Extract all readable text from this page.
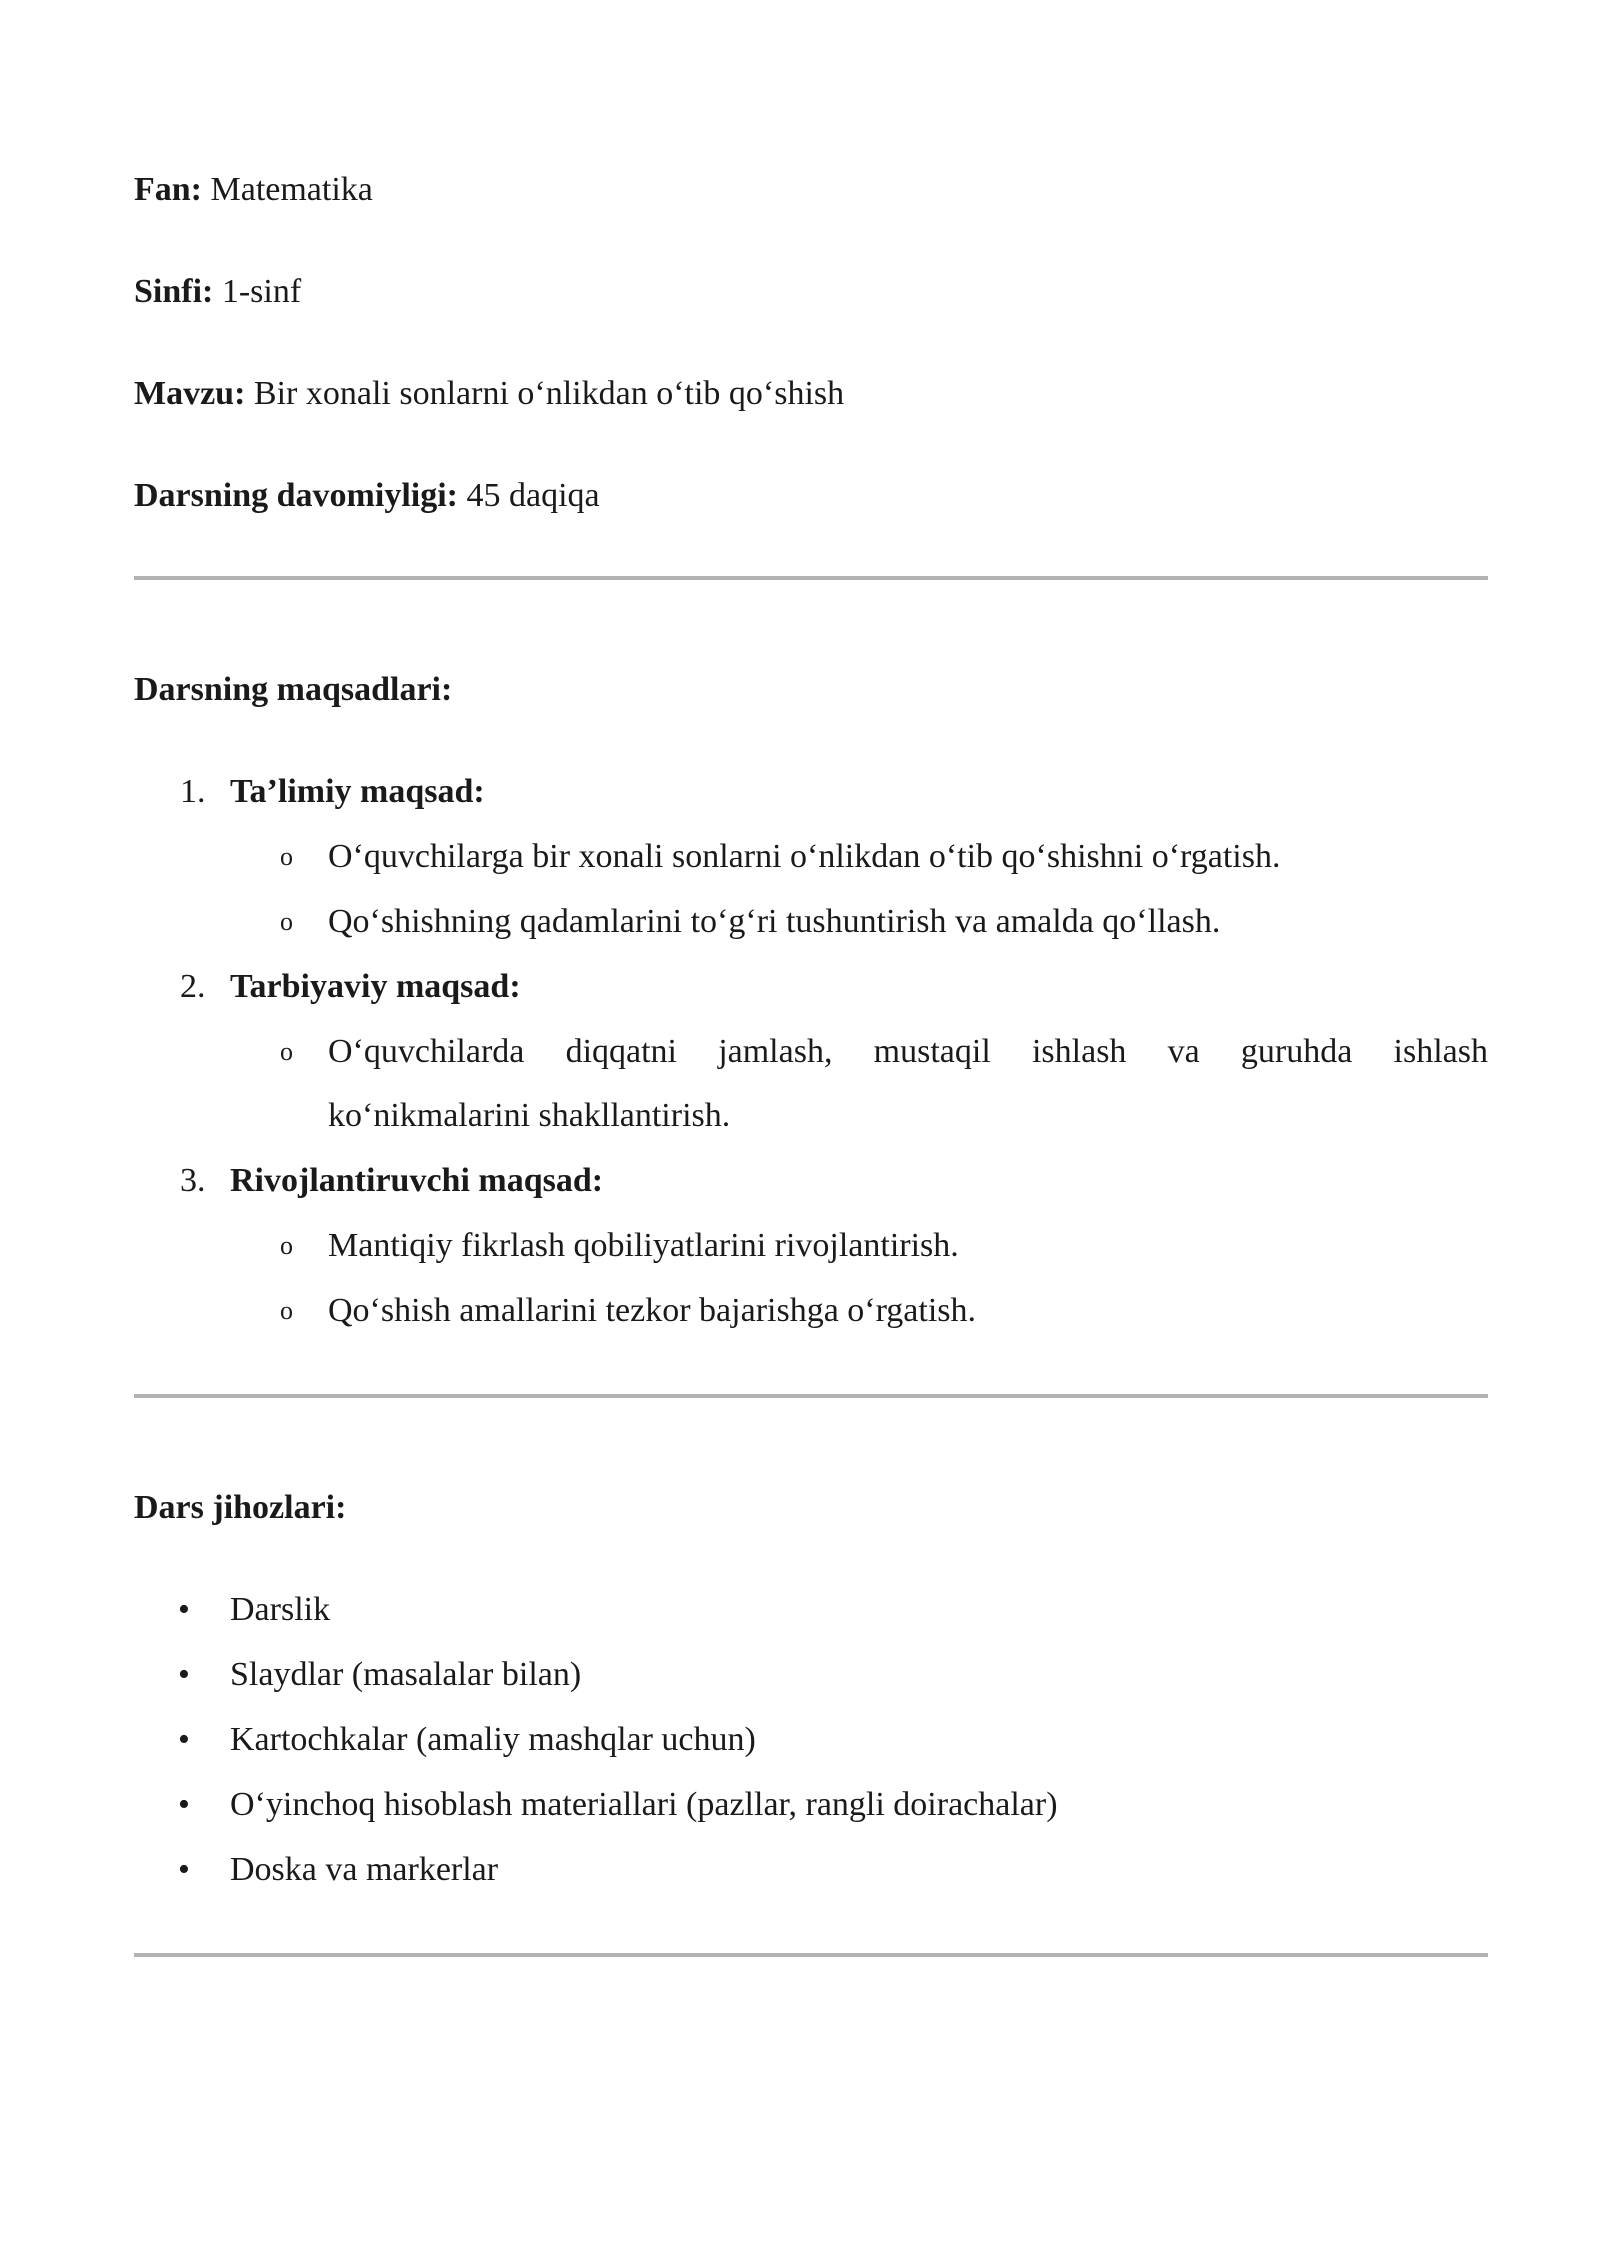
Fan: Matematika
Sinfi: 1-sinf
Mavzu: Bir xonali sonlarni o‘nlikdan o‘tib qo‘shish
Darsning davomiyligi: 45 daqiqa
Darsning maqsadlari:
1. Ta’limiy maqsad:
o O‘quvchilarga bir xonali sonlarni o‘nlikdan o‘tib qo‘shishni o‘rgatish.
o Qo‘shishning qadamlarini to‘g‘ri tushuntirish va amalda qo‘llash.
2. Tarbiyaviy maqsad:
o O‘quvchilarda diqqatni jamlash, mustaqil ishlash va guruhda ishlash
ko‘nikmalarini shakllantirish.
3. Rivojlantiruvchi maqsad:
o Mantiqiy fikrlash qobiliyatlarini rivojlantirish.
o Qo‘shish amallarini tezkor bajarishga o‘rgatish.
Dars jihozlari:
• Darslik
• Slaydlar (masalalar bilan)
• Kartochkalar (amaliy mashqlar uchun)
• O‘yinchoq hisoblash materiallari (pazllar, rangli doirachalar)
• Doska va markerlar
